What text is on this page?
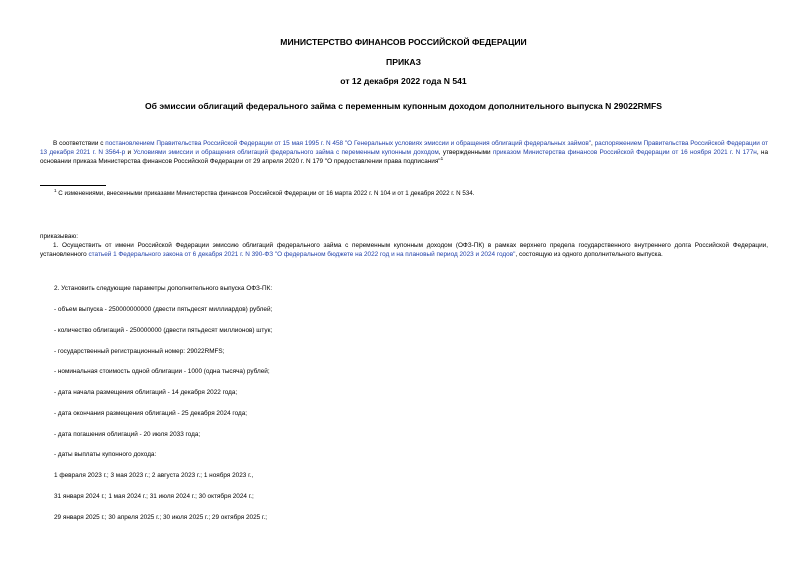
МИНИСТЕРСТВО ФИНАНСОВ РОССИЙСКОЙ ФЕДЕРАЦИИ
ПРИКАЗ
от 12 декабря 2022 года N 541
Об эмиссии облигаций федерального займа с переменным купонным доходом дополнительного выпуска N 29022RMFS
В соответствии с постановлением Правительства Российской Федерации от 15 мая 1995 г. N 458 "О Генеральных условиях эмиссии и обращения облигаций федеральных займов", распоряжением Правительства Российской Федерации от 13 декабря 2021 г. N 3564-р и Условиями эмиссии и обращения облигаций федерального займа с переменным купонным доходом, утвержденными приказом Министерства финансов Российской Федерации от 16 ноября 2021 г. N 177н, на основании приказа Министерства финансов Российской Федерации от 29 апреля 2020 г. N 179 "О предоставлении права подписания"$^1$
$^1$ С изменениями, внесенными приказами Министерства финансов Российской Федерации от 16 марта 2022 г. N 104 и от 1 декабря 2022 г. N 534.
приказываю:
1. Осуществить от имени Российской Федерации эмиссию облигаций федерального займа с переменным купонным доходом (ОФЗ-ПК) в рамках верхнего предела государственного внутреннего долга Российской Федерации, установленного статьей 1 Федерального закона от 6 декабря 2021 г. N 390-ФЗ "О федеральном бюджете на 2022 год и на плановый период 2023 и 2024 годов", состоящую из одного дополнительного выпуска.
2. Установить следующие параметры дополнительного выпуска ОФЗ-ПК:
- объем выпуска - 250000000000 (двести пятьдесят миллиардов) рублей;
- количество облигаций - 250000000 (двести пятьдесят миллионов) штук;
- государственный регистрационный номер: 29022RMFS;
- номинальная стоимость одной облигации - 1000 (одна тысяча) рублей;
- дата начала размещения облигаций - 14 декабря 2022 года;
- дата окончания размещения облигаций - 25 декабря 2024 года;
- дата погашения облигаций - 20 июля 2033 года;
- даты выплаты купонного дохода:
1 февраля 2023 г.; 3 мая 2023 г.; 2 августа 2023 г.; 1 ноября 2023 г.,
31 января 2024 г.; 1 мая 2024 г.; 31 июля 2024 г.; 30 октября 2024 г.;
29 января 2025 г.; 30 апреля 2025 г.; 30 июля 2025 г.; 29 октября 2025 г.;
